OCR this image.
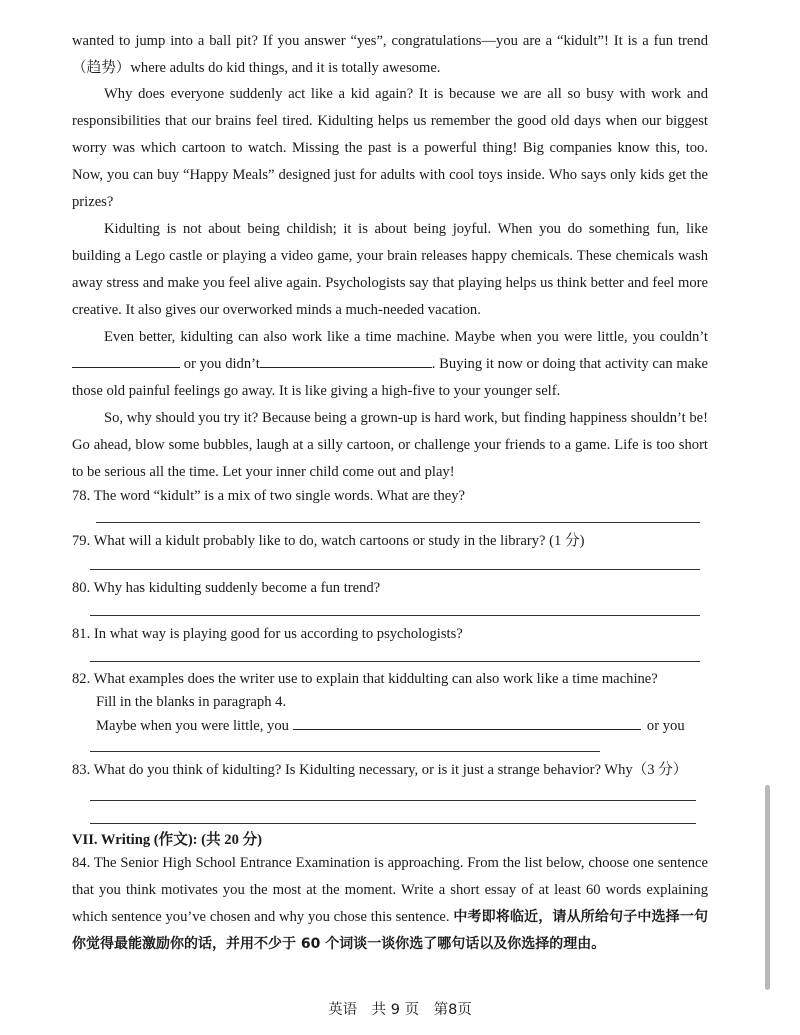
wanted to jump into a ball pit? If you answer “yes”, congratulations—you are a “kidult”! It is a fun trend（趋势）where adults do kid things, and it is totally awesome.

Why does everyone suddenly act like a kid again? It is because we are all so busy with work and responsibilities that our brains feel tired. Kidulting helps us remember the good old days when our biggest worry was which cartoon to watch. Missing the past is a powerful thing! Big companies know this, too. Now, you can buy “Happy Meals” designed just for adults with cool toys inside. Who says only kids get the prizes?

Kidulting is not about being childish; it is about being joyful. When you do something fun, like building a Lego castle or playing a video game, your brain releases happy chemicals. These chemicals wash away stress and make you feel alive again. Psychologists say that playing helps us think better and feel more creative. It also gives our overworked minds a much-needed vacation.

Even better, kidulting can also work like a time machine. Maybe when you were little, you couldn’t  or you didn’t	. Buying it now or doing that activity can make those old painful feelings go away. It is like giving a high-five to your younger self.

So, why should you try it? Because being a grown-up is hard work, but finding happiness shouldn’t be! Go ahead, blow some bubbles, laugh at a silly cartoon, or challenge your friends to a game. Life is too short to be serious all the time. Let your inner child come out and play!

78. The word “kidult” is a mix of two single words. What are they?

79. What will a kidult probably like to do, watch cartoons or study in the library? (1 分)

80. Why has kidulting suddenly become a fun trend?

81. In what way is playing good for us according to psychologists?

82. What examples does the writer use to explain that kiddulting can also work like a time machine?

Fill in the blanks in paragraph 4.

Maybe when you were little, you	or you

83. What do you think of kidulting? Is Kidulting necessary, or is it just a strange behavior? Why（3 分）

VII. Writing (作文): (共 20 分)

84. The Senior High School Entrance Examination is approaching. From the list below, choose one sentence that you think motivates you the most at the moment. Write a short essay of at least 60 words explaining which sentence you’ve chosen and why you chose this sentence. 中考即将临近，请从所给句子中选择一句你觉得最能激励你的话，并用不少于 60 个词谈一谈你选了哪句话以及你选择的理由。

英语　共 9 页　第8页
